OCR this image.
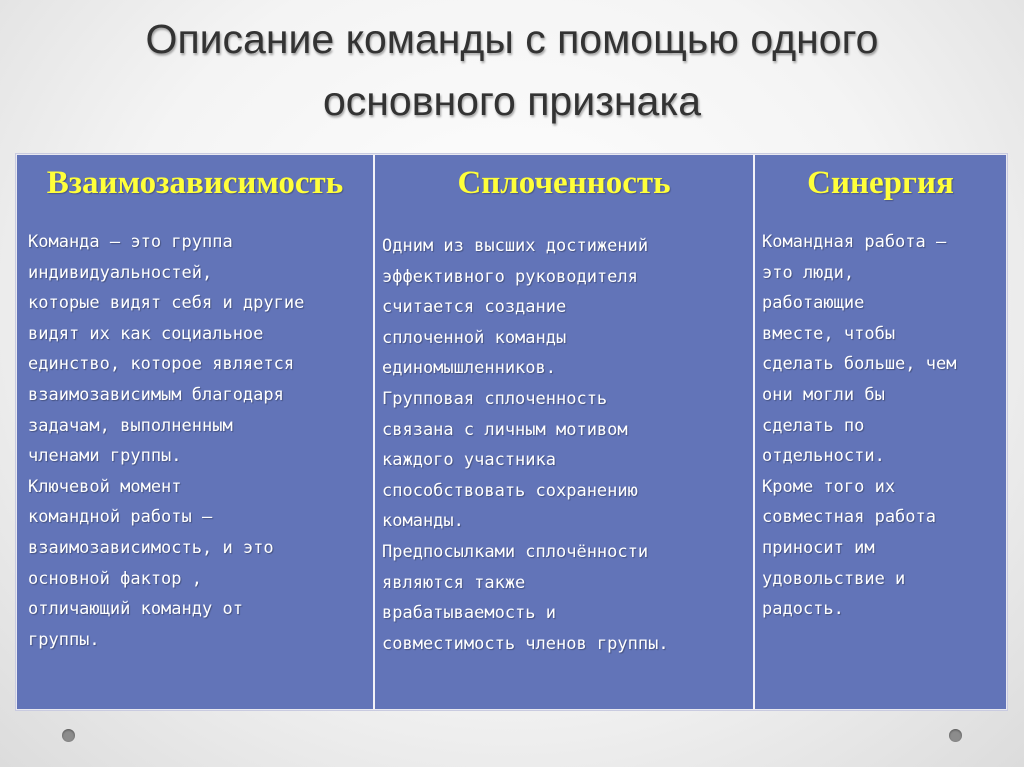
Описание команды с помощью одного
основного признака
Взаимозависимость
Команда – это группа
индивидуальностей,
которые видят себя и другие
видят их как социальное
единство, которое является
взаимозависимым благодаря
задачам, выполненным
членами группы.
Ключевой момент
командной работы –
взаимозависимость, и это
основной фактор ,
отличающий команду от
группы.
Сплоченность
Одним из высших достижений
эффективного руководителя
считается создание
сплоченной команды
единомышленников.
Групповая сплоченность
связана с личным мотивом
каждого участника
способствовать сохранению
команды.
Предпосылками сплочённости
являются также
врабатываемость и
совместимость членов группы.
Синергия
Командная работа –
это люди,
работающие
вместе, чтобы
сделать больше, чем
они могли бы
сделать по
отдельности.
Кроме того их
совместная работа
приносит им
удовольствие и
радость.
